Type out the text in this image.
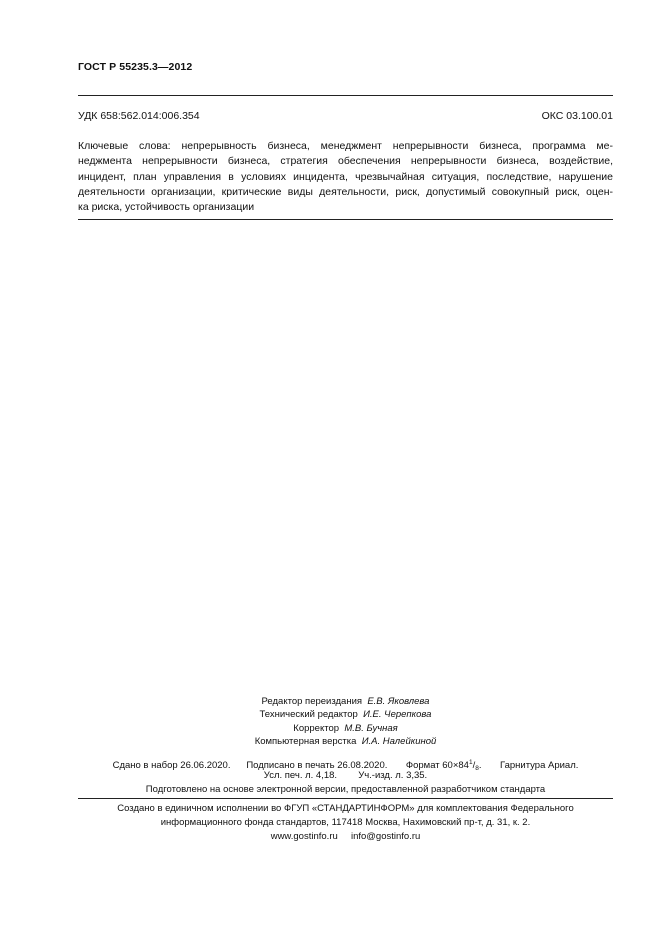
ГОСТ Р 55235.3—2012
УДК 658:562.014:006.354	ОКС 03.100.01
Ключевые слова: непрерывность бизнеса, менеджмент непрерывности бизнеса, программа ме-
неджмента непрерывности бизнеса, стратегия обеспечения непрерывности бизнеса, воздействие,
инцидент, план управления в условиях инцидента, чрезвычайная ситуация, последствие, нарушение
деятельности организации, критические виды деятельности, риск, допустимый совокупный риск, оцен-
ка риска, устойчивость организации
Редактор переиздания Е.В. Яковлева
Технический редактор И.Е. Черепкова
Корректор М.В. Бучная
Компьютерная верстка И.А. Налейкиной
Сдано в набор 26.06.2020. Подписано в печать 26.08.2020. Формат $60\times 84^1/_8$. Гарнитура Ариал.
Усл. печ. л. 4,18. Уч.-изд. л. 3,35.
Подготовлено на основе электронной версии, предоставленной разработчиком стандарта
Создано в единичном исполнении во ФГУП «СТАНДАРТИНФОРМ» для комплектования Федерального
информационного фонда стандартов, 117418 Москва, Нахимовский пр-т, д. 31, к. 2.
www.gostinfo.ru info@gostinfo.ru
